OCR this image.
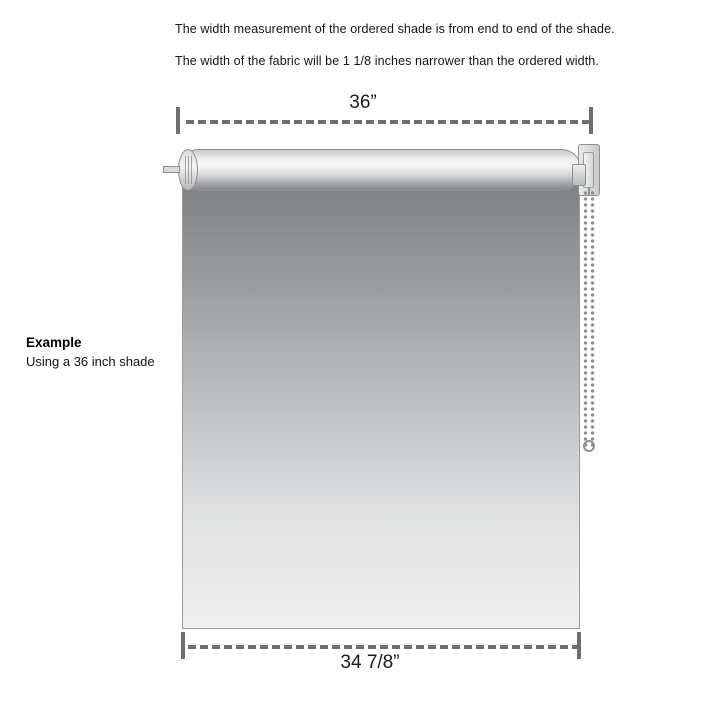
The width measurement of the ordered shade is from end to end of the shade.
The width of the fabric will be 1 1/8 inches narrower than the ordered width.
Example
Using a 36 inch shade
36”
34 7/8”
